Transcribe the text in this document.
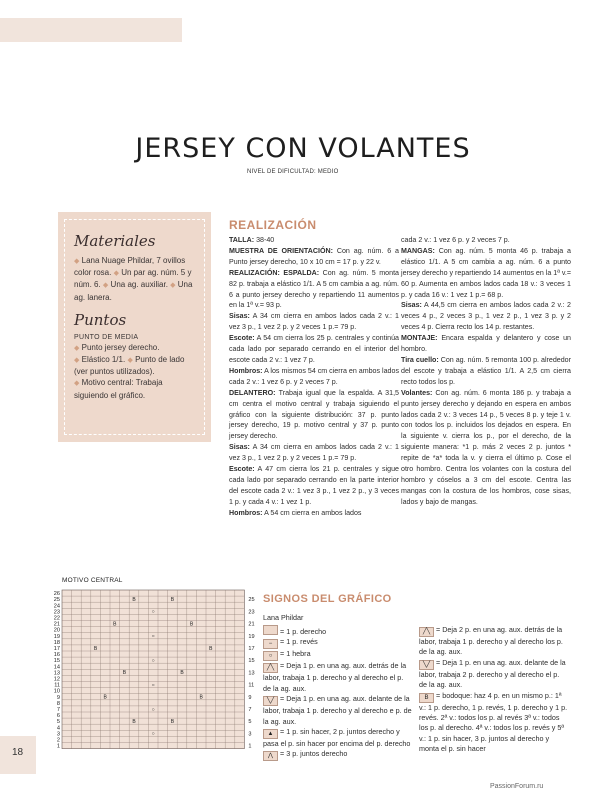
JERSEY CON VOLANTES
NIVEL DE DIFICULTAD: MEDIO
Materiales
◆ Lana Nuage Phildar, 7 ovillos color rosa. ◆ Un par ag. núm. 5 y núm. 6. ◆ Una ag. auxiliar. ◆ Una ag. lanera.
Puntos
PUNTO DE MEDIA
◆ Punto jersey derecho.
◆ Elástico 1/1. ◆ Punto de lado (ver puntos utilizados).
◆ Motivo central: Trabaja siguiendo el gráfico.
REALIZACIÓN

TALLA: 38-40

MUESTRA DE ORIENTACIÓN: Con ag. núm. 6 a Punto jersey derecho, 10 x 10 cm = 17 p. y 22 v.

REALIZACIÓN: ESPALDA: Con ag. núm. 5 monta 82 p. trabaja a elástico 1/1. A 5 cm cambia a ag. núm. 6 a punto jersey derecho y repartiendo 11 aumentos en la 1ª v.= 93 p.

Sisas: A 34 cm cierra en ambos lados cada 2 v.: 1 vez 3 p., 1 vez 2 p. y 2 veces 1 p.= 79 p.

Escote: A 54 cm cierra los 25 p. centrales y continúa cada lado por separado cerrando en el interior del escote cada 2 v.: 1 vez 7 p.

Hombros: A los mismos 54 cm cierra en ambos lados cada 2 v.: 1 vez 6 p. y 2 veces 7 p.

DELANTERO: Trabaja igual que la espalda. A 31,5 cm centra el motivo central y trabaja siguiendo el gráfico con la siguiente distribución: 37 p. punto jersey derecho, 19 p. motivo central y 37 p. punto jersey derecho.

Sisas: A 34 cm cierra en ambos lados cada 2 v.: 1 vez 3 p., 1 vez 2 p. y 2 veces 1 p.= 79 p.

Escote: A 47 cm cierra los 21 p. centrales y sigue cada lado por separado cerrando en la parte interior del escote cada 2 v.: 1 vez 3 p., 1 vez 2 p., y 3 veces 1 p. y cada 4 v.: 1 vez 1 p.

Hombros: A 54 cm cierra en ambos lados

cada 2 v.: 1 vez 6 p. y 2 veces 7 p.

MANGAS: Con ag. núm. 5 monta 46 p. trabaja a elástico 1/1. A 5 cm cambia a ag. núm. 6 a punto jersey derecho y repartiendo 14 aumentos en la 1ª v.= 60 p. Aumenta en ambos lados cada 18 v.: 3 veces 1 p. y cada 16 v.: 1 vez 1 p.= 68 p.

Sisas: A 44,5 cm cierra en ambos lados cada 2 v.: 2 veces 4 p., 2 veces 3 p., 1 vez 2 p., 1 vez 3 p. y 2 veces 4 p. Cierra recto los 14 p. restantes.

MONTAJE: Encara espalda y delantero y cose un hombro.

Tira cuello: Con ag. núm. 5 remonta 100 p. alrededor del escote y trabaja a elástico 1/1. A 2,5 cm cierra recto todos los p.

Volantes: Con ag. núm. 6 monta 186 p. y trabaja a punto jersey derecho y dejando en espera en ambos lados cada 2 v.: 3 veces 14 p., 5 veces 8 p. y teje 1 v. con todos los p. incluidos los dejados en espera. En la siguiente v. cierra los p., por el derecho, de la siguiente manera: *1 p. más 2 veces 2 p. juntos * repite de *a* toda la v. y cierra el último p. Cose el otro hombro. Centra los volantes con la costura del hombro y cóselos a 3 cm del escote. Centra las mangas con la costura de los hombros, cose sisas, lados y bajo de mangas.

MOTIVO CENTRAL
B	B
○
B	B
○
B	B
○
B	B
○
B	B
○
B	B
○
26
25
24
23
22
21
20
19
18
17
16
15
14
13
12
11
10
9
8
7
6
5
4
3
2
1
25
23
21
19
17
15
13
11
9
7
5
3
1
18
SIGNOS DEL GRÁFICO
Lana Phildar

= 1 p. derecho

− = 1 p. revés

○ = 1 hebra

╱╲ = Deja 1 p. en una ag. aux. detrás de la labor, trabaja 1 p. derecho y al derecho el p. de la ag. aux.

╲╱ = Deja 1 p. en una ag. aux. delante de la labor, trabaja 1 p. derecho y al derecho e p. de la ag. aux.

▲ = 1 p. sin hacer, 2 p. juntos derecho y pasa el p. sin hacer por encima del p. derecho

⋀ = 3 p. juntos derecho

╱╲ = Deja 2 p. en una ag. aux. detrás de la labor, trabaja 1 p. derecho y al derecho los p. de la ag. aux.

╲╱ = Deja 1 p. en una ag. aux. delante de la labor, trabaja 2 p. derecho y al derecho el p. de la ag. aux.

B = bodoque: haz 4 p. en un mismo p.: 1ª v.: 1 p. derecho, 1 p. revés, 1 p. derecho y 1 p. revés. 2ª v.: todos los p. al revés 3ª v.: todos los p. al derecho. 4ª v.: todos los p. revés y 5ª v.: 1 p. sin hacer, 3 p. juntos al derecho y monta el p. sin hacer

PassionForum.ru
